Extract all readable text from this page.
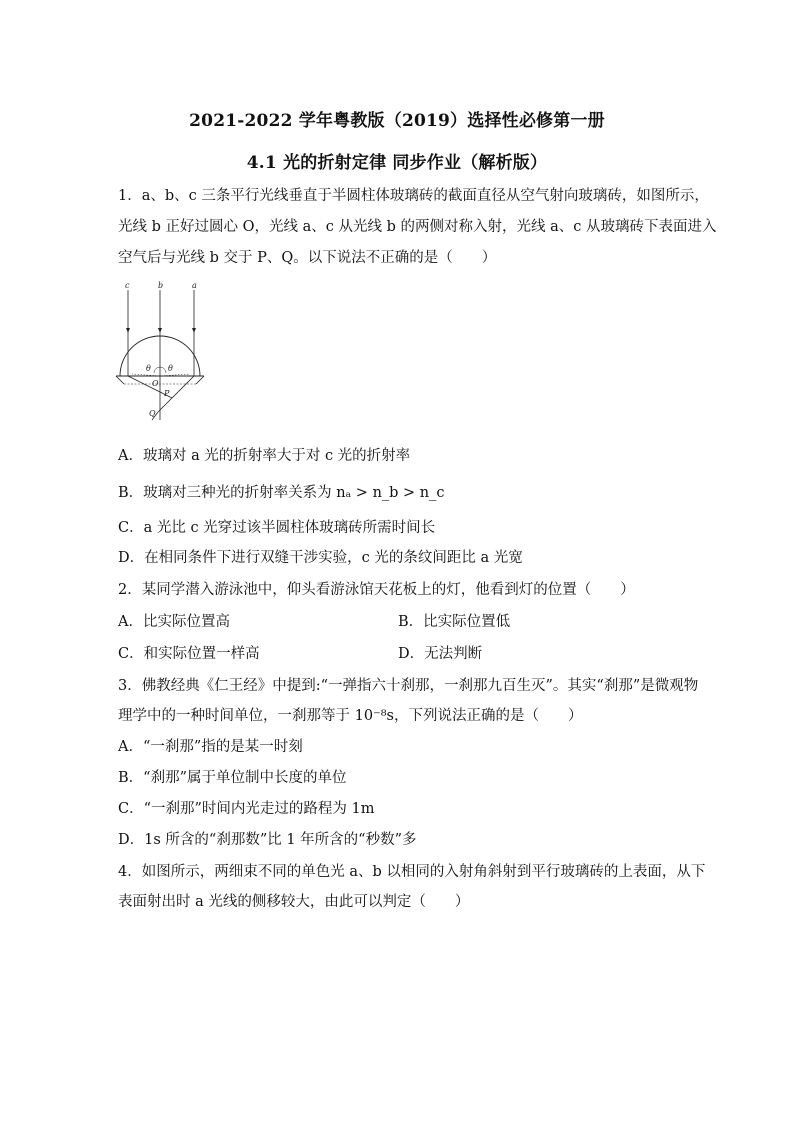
2021-2022 学年粤教版（2019）选择性必修第一册
4.1 光的折射定律 同步作业（解析版）
1．a、b、c 三条平行光线垂直于半圆柱体玻璃砖的截面直径从空气射向玻璃砖，如图所示，
光线 b 正好过圆心 O，光线 a、c 从光线 b 的两侧对称入射，光线 a、c 从玻璃砖下表面进入
空气后与光线 b 交于 P、Q。以下说法不正确的是（　　）
c	b	a
θ θ
O
P
Q
A．玻璃对 a 光的折射率大于对 c 光的折射率
B．玻璃对三种光的折射率关系为 nₐ > n_b > n_c
C．a 光比 c 光穿过该半圆柱体玻璃砖所需时间长
D．在相同条件下进行双缝干涉实验，c 光的条纹间距比 a 光宽
2．某同学潜入游泳池中，仰头看游泳馆天花板上的灯，他看到灯的位置（　　）
A．比实际位置高	B．比实际位置低
C．和实际位置一样高	D．无法判断
3．佛教经典《仁王经》中提到:“一弹指六十刹那，一刹那九百生灭”。其实“刹那”是微观物
理学中的一种时间单位，一刹那等于 10⁻⁸s，下列说法正确的是（　　）
A．“一刹那”指的是某一时刻
B．“刹那”属于单位制中长度的单位
C．“一刹那”时间内光走过的路程为 1m
D．1s 所含的“刹那数”比 1 年所含的“秒数”多
4．如图所示，两细束不同的单色光 a、b 以相同的入射角斜射到平行玻璃砖的上表面，从下
表面射出时 a 光线的侧移较大，由此可以判定（　　）
